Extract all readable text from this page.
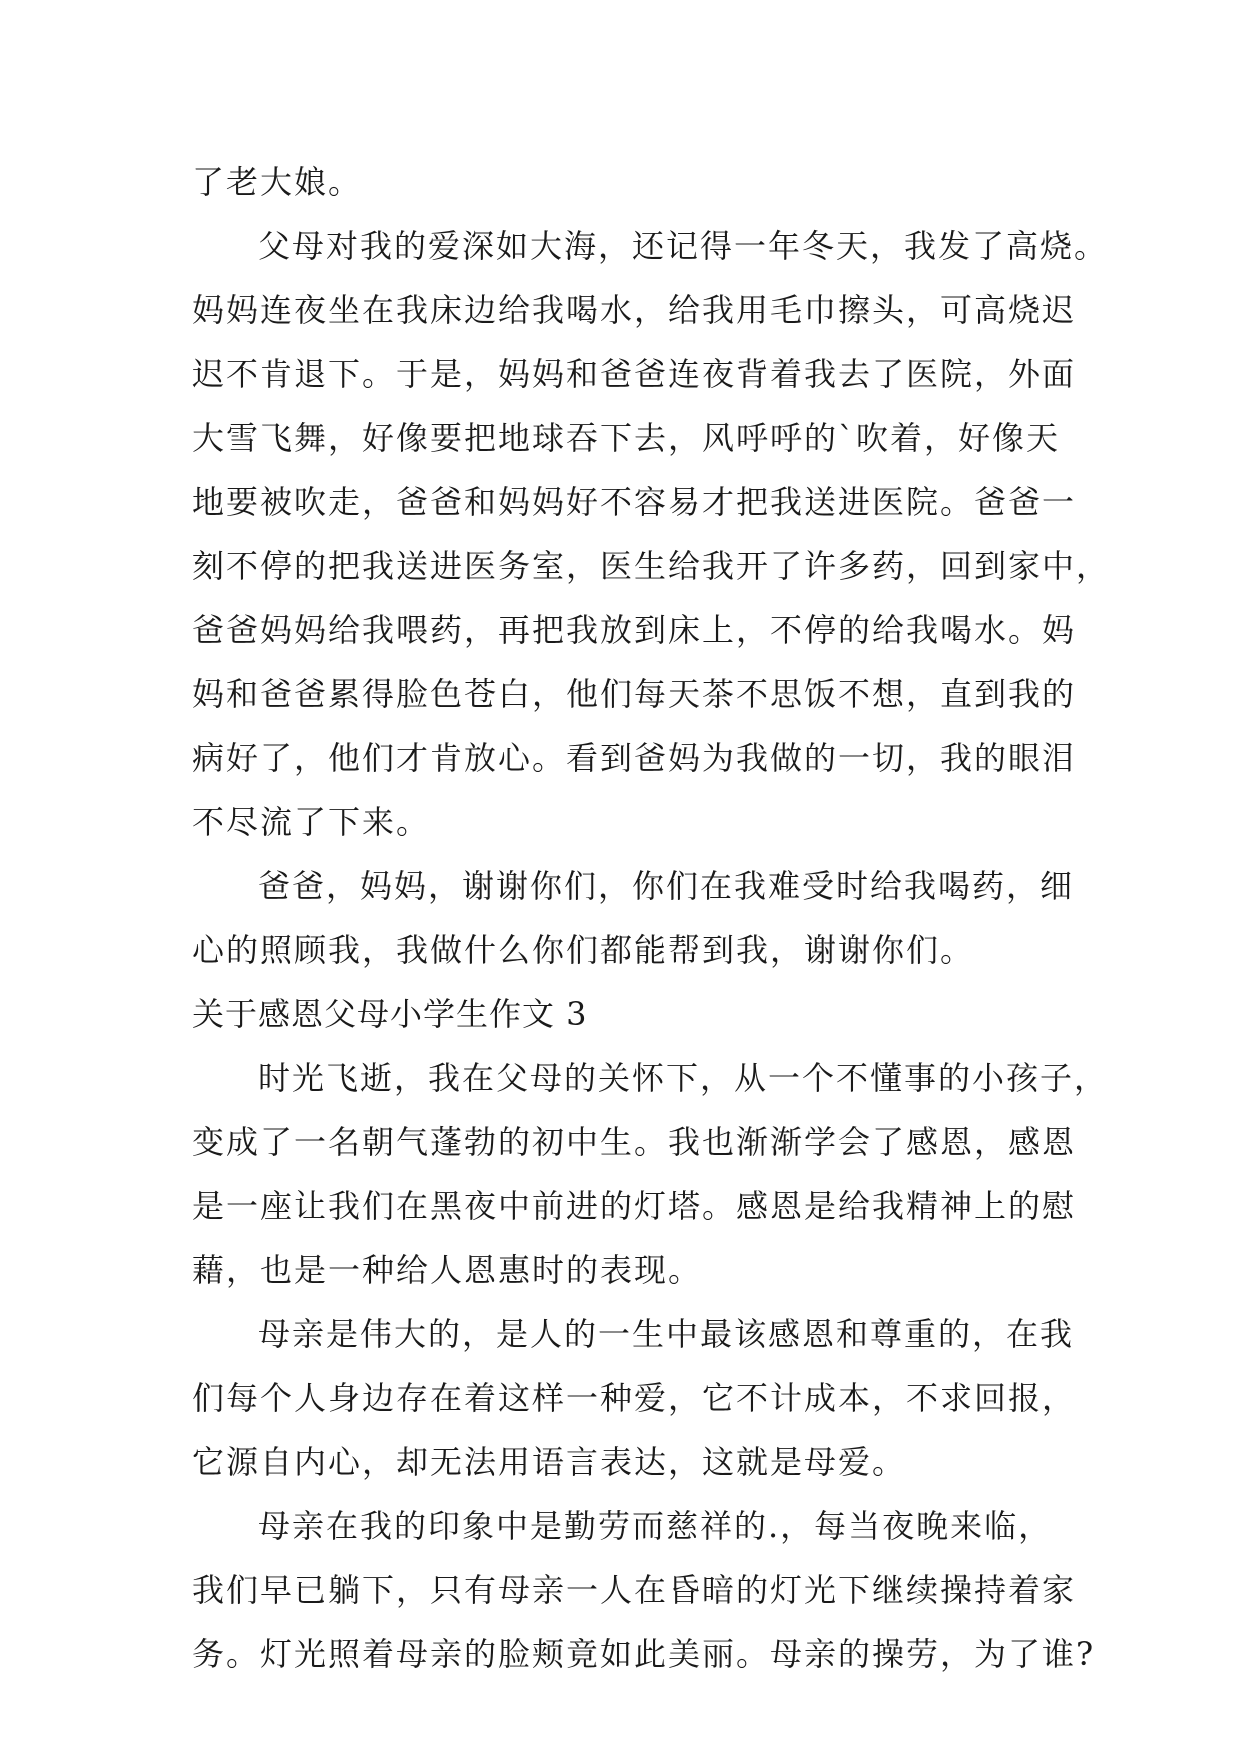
了老大娘。
父母对我的爱深如大海，还记得一年冬天，我发了高烧。
妈妈连夜坐在我床边给我喝水，给我用毛巾擦头，可高烧迟
迟不肯退下。于是，妈妈和爸爸连夜背着我去了医院，外面
大雪飞舞，好像要把地球吞下去，风呼呼的`吹着，好像天
地要被吹走，爸爸和妈妈好不容易才把我送进医院。爸爸一
刻不停的把我送进医务室，医生给我开了许多药，回到家中，
爸爸妈妈给我喂药，再把我放到床上，不停的给我喝水。妈
妈和爸爸累得脸色苍白，他们每天茶不思饭不想，直到我的
病好了，他们才肯放心。看到爸妈为我做的一切，我的眼泪
不尽流了下来。
爸爸，妈妈，谢谢你们，你们在我难受时给我喝药，细
心的照顾我，我做什么你们都能帮到我，谢谢你们。
关于感恩父母小学生作文 3
时光飞逝，我在父母的关怀下，从一个不懂事的小孩子，
变成了一名朝气蓬勃的初中生。我也渐渐学会了感恩，感恩
是一座让我们在黑夜中前进的灯塔。感恩是给我精神上的慰
藉，也是一种给人恩惠时的表现。
母亲是伟大的，是人的一生中最该感恩和尊重的，在我
们每个人身边存在着这样一种爱，它不计成本，不求回报，
它源自内心，却无法用语言表达，这就是母爱。
母亲在我的印象中是勤劳而慈祥的.，每当夜晚来临，
我们早已躺下，只有母亲一人在昏暗的灯光下继续操持着家
务。灯光照着母亲的脸颊竟如此美丽。母亲的操劳，为了谁?
